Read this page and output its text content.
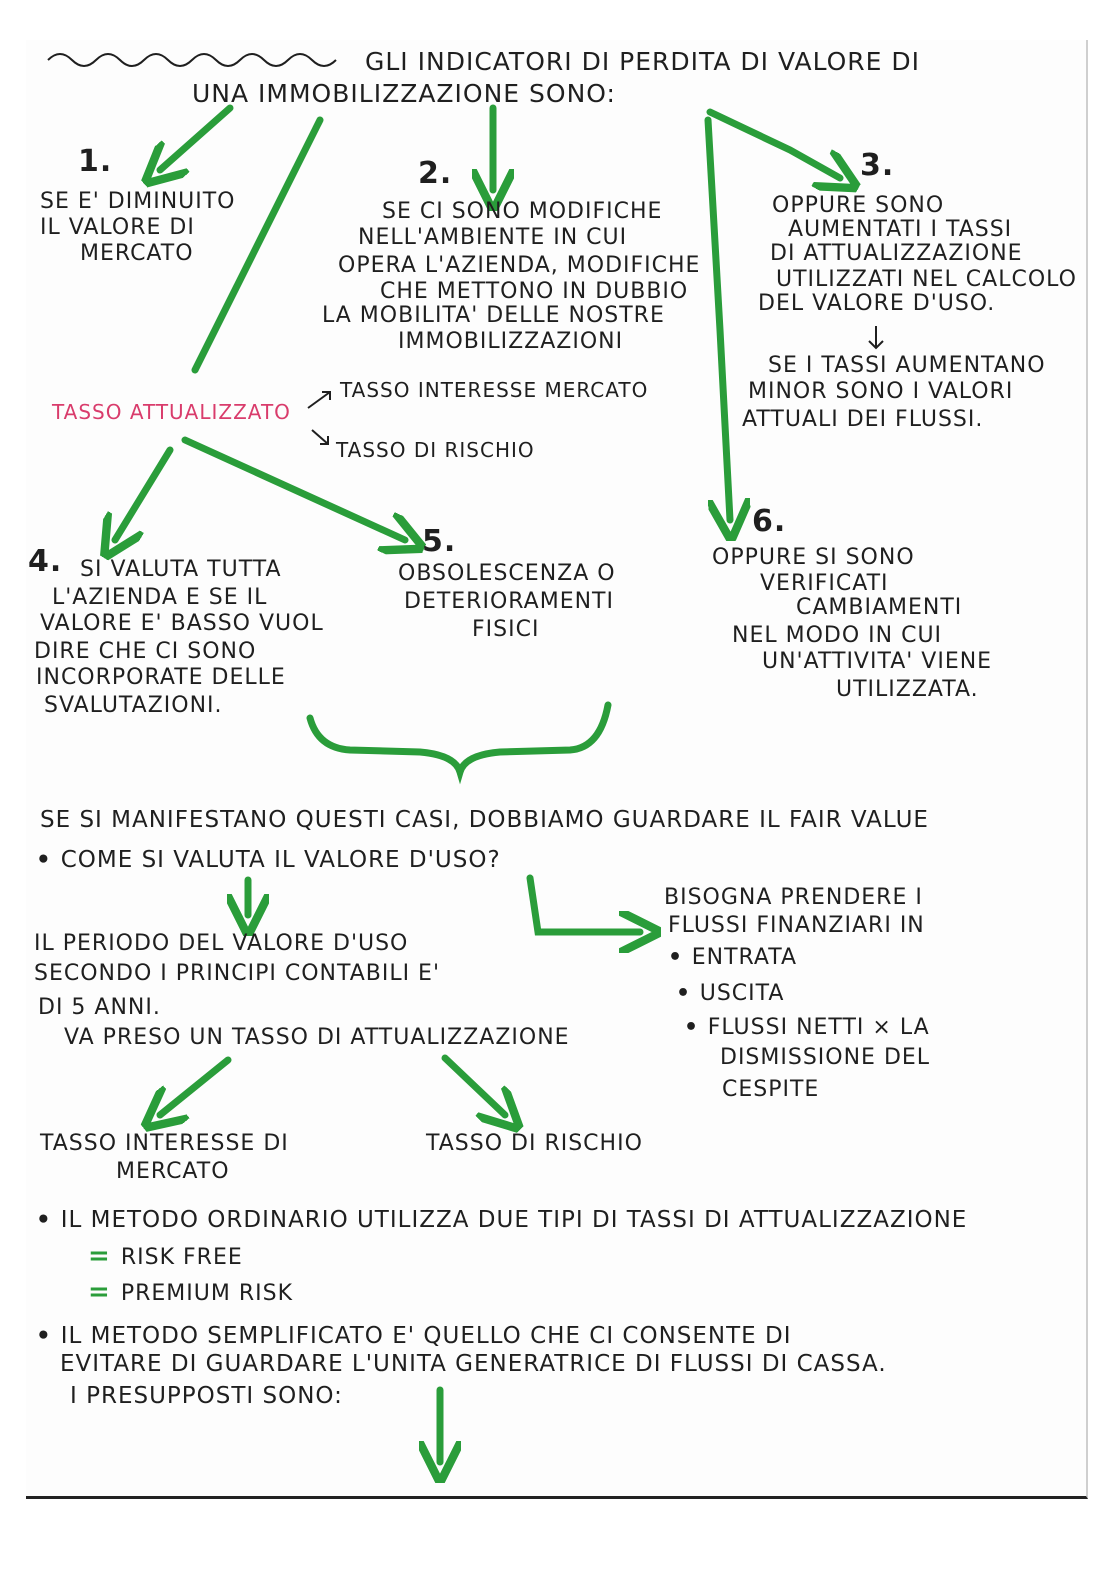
GLI INDICATORI DI PERDITA DI VALORE DI
UNA IMMOBILIZZAZIONE SONO:
1.
SE E' DIMINUITO
IL VALORE DI
MERCATO
2.
SE CI SONO MODIFICHE
NELL'AMBIENTE IN CUI
OPERA L'AZIENDA, MODIFICHE
CHE METTONO IN DUBBIO
LA MOBILITA' DELLE NOSTRE
IMMOBILIZZAZIONI
3.
OPPURE SONO
AUMENTATI I TASSI
DI ATTUALIZZAZIONE
UTILIZZATI NEL CALCOLO
DEL VALORE D'USO.
SE I TASSI AUMENTANO
MINOR SONO I VALORI
ATTUALI DEI FLUSSI.
TASSO ATTUALIZZATO
TASSO INTERESSE MERCATO
TASSO DI RISCHIO
4. SI VALUTA TUTTA
L'AZIENDA E SE IL
VALORE E' BASSO VUOL
DIRE CHE CI SONO
INCORPORATE DELLE
SVALUTAZIONI.
5.
OBSOLESCENZA O
DETERIORAMENTI
FISICI
6.
OPPURE SI SONO
VERIFICATI
CAMBIAMENTI
NEL MODO IN CUI
UN'ATTIVITA' VIENE
UTILIZZATA.
SE SI MANIFESTANO QUESTI CASI, DOBBIAMO GUARDARE IL FAIR VALUE
• COME SI VALUTA IL VALORE D'USO?
IL PERIODO DEL VALORE D'USO
SECONDO I PRINCIPI CONTABILI E'
DI 5 ANNI.
VA PRESO UN TASSO DI ATTUALIZZAZIONE
BISOGNA PRENDERE I
FLUSSI FINANZIARI IN
• ENTRATA
• USCITA
• FLUSSI NETTI × LA
DISMISSIONE DEL
CESPITE
TASSO INTERESSE DI
MERCATO
TASSO DI RISCHIO
• IL METODO ORDINARIO UTILIZZA DUE TIPI DI TASSI DI ATTUALIZZAZIONE
= RISK FREE
= PREMIUM RISK
• IL METODO SEMPLIFICATO E' QUELLO CHE CI CONSENTE DI
EVITARE DI GUARDARE L'UNITA GENERATRICE DI FLUSSI DI CASSA.
I PRESUPPOSTI SONO:
